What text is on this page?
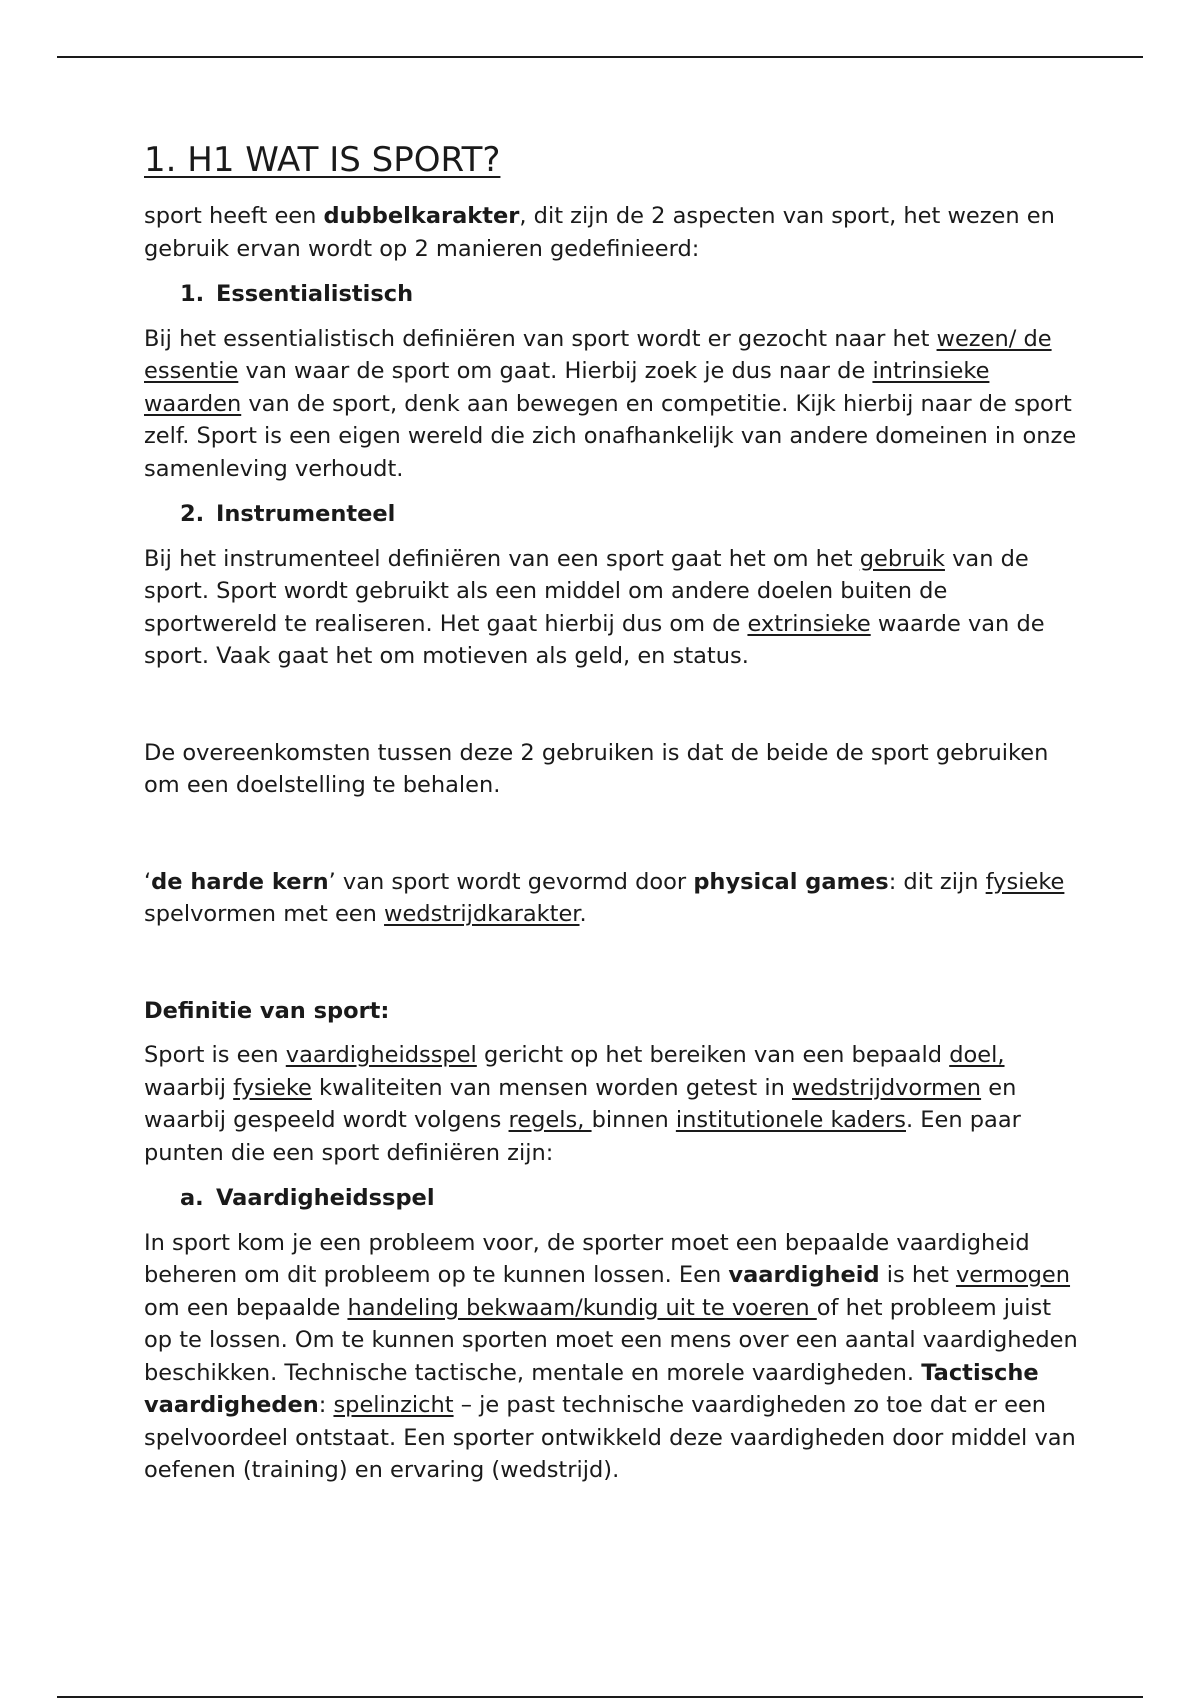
1. H1 WAT IS SPORT?

sport heeft een dubbelkarakter, dit zijn de 2 aspecten van sport, het wezen en gebruik ervan wordt op 2 manieren gedefinieerd:

1. Essentialistisch

Bij het essentialistisch definiëren van sport wordt er gezocht naar het wezen/ de essentie van waar de sport om gaat. Hierbij zoek je dus naar de intrinsieke waarden van de sport, denk aan bewegen en competitie. Kijk hierbij naar de sport zelf. Sport is een eigen wereld die zich onafhankelijk van andere domeinen in onze samenleving verhoudt.

2. Instrumenteel

Bij het instrumenteel definiëren van een sport gaat het om het gebruik van de sport. Sport wordt gebruikt als een middel om andere doelen buiten de sportwereld te realiseren. Het gaat hierbij dus om de extrinsieke waarde van de sport. Vaak gaat het om motieven als geld, en status.

De overeenkomsten tussen deze 2 gebruiken is dat de beide de sport gebruiken om een doelstelling te behalen.

‘de harde kern’ van sport wordt gevormd door physical games: dit zijn fysieke spelvormen met een wedstrijdkarakter.

Definitie van sport:

Sport is een vaardigheidsspel gericht op het bereiken van een bepaald doel, waarbij fysieke kwaliteiten van mensen worden getest in wedstrijdvormen en waarbij gespeeld wordt volgens regels, binnen institutionele kaders. Een paar punten die een sport definiëren zijn:

a. Vaardigheidsspel

In sport kom je een probleem voor, de sporter moet een bepaalde vaardigheid beheren om dit probleem op te kunnen lossen. Een vaardigheid is het vermogen om een bepaalde handeling bekwaam/kundig uit te voeren of het probleem juist op te lossen. Om te kunnen sporten moet een mens over een aantal vaardigheden beschikken. Technische tactische, mentale en morele vaardigheden. Tactische vaardigheden: spelinzicht – je past technische vaardigheden zo toe dat er een spelvoordeel ontstaat. Een sporter ontwikkeld deze vaardigheden door middel van oefenen (training) en ervaring (wedstrijd).
